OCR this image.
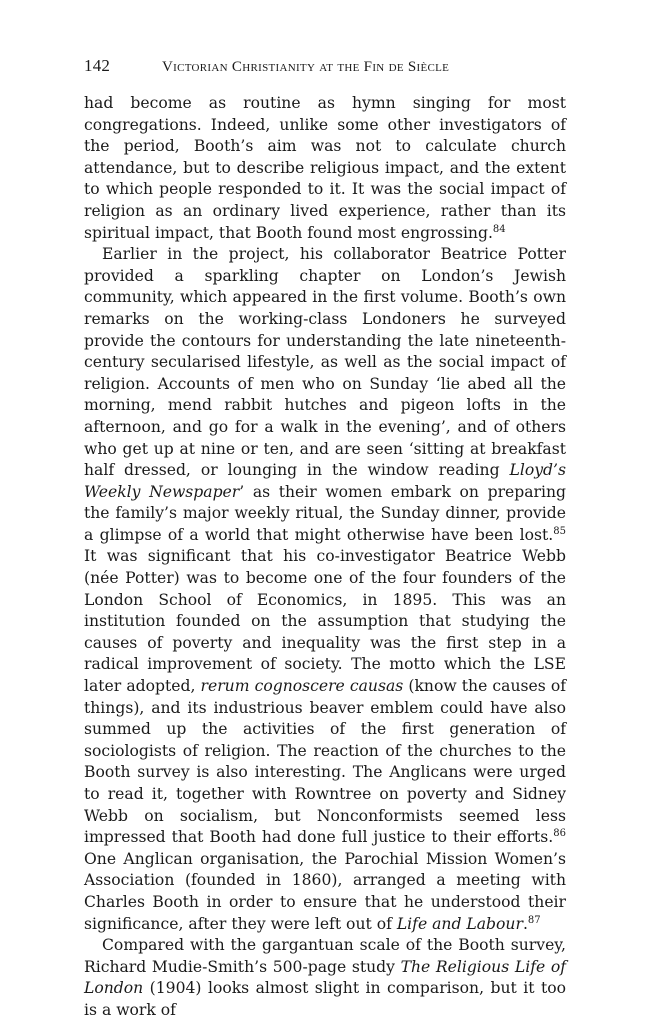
142	Victorian Christianity at the Fin de Siècle

had become as routine as hymn singing for most congregations. Indeed, unlike some other investigators of the period, Booth’s aim was not to calculate church attendance, but to describe religious impact, and the extent to which people responded to it. It was the social impact of religion as an ordinary lived experience, rather than its spiritual impact, that Booth found most engrossing.$^{84}$

Earlier in the project, his collaborator Beatrice Potter provided a sparkling chapter on London’s Jewish community, which appeared in the first volume. Booth’s own remarks on the working-class Londoners he surveyed provide the contours for understanding the late nineteenth-century secularised lifestyle, as well as the social impact of religion. Accounts of men who on Sunday ‘lie abed all the morning, mend rabbit hutches and pigeon lofts in the afternoon, and go for a walk in the evening’, and of others who get up at nine or ten, and are seen ‘sitting at breakfast half dressed, or lounging in the window reading Lloyd’s Weekly Newspaper’ as their women embark on preparing the family’s major weekly ritual, the Sunday dinner, provide a glimpse of a world that might otherwise have been lost.$^{85}$ It was significant that his co-investigator Beatrice Webb (née Potter) was to become one of the four founders of the London School of Economics, in 1895. This was an institution founded on the assumption that studying the causes of poverty and inequality was the first step in a radical improvement of society. The motto which the LSE later adopted, rerum cognoscere causas (know the causes of things), and its industrious beaver emblem could have also summed up the activities of the first generation of sociologists of religion. The reaction of the churches to the Booth survey is also interesting. The Anglicans were urged to read it, together with Rowntree on poverty and Sidney Webb on socialism, but Nonconformists seemed less impressed that Booth had done full justice to their efforts.$^{86}$ One Anglican organisation, the Parochial Mission Women’s Association (founded in 1860), arranged a meeting with Charles Booth in order to ensure that he understood their significance, after they were left out of Life and Labour.$^{87}$

Compared with the gargantuan scale of the Booth survey, Richard Mudie-Smith’s 500-page study The Religious Life of London (1904) looks almost slight in comparison, but it too is a work of
